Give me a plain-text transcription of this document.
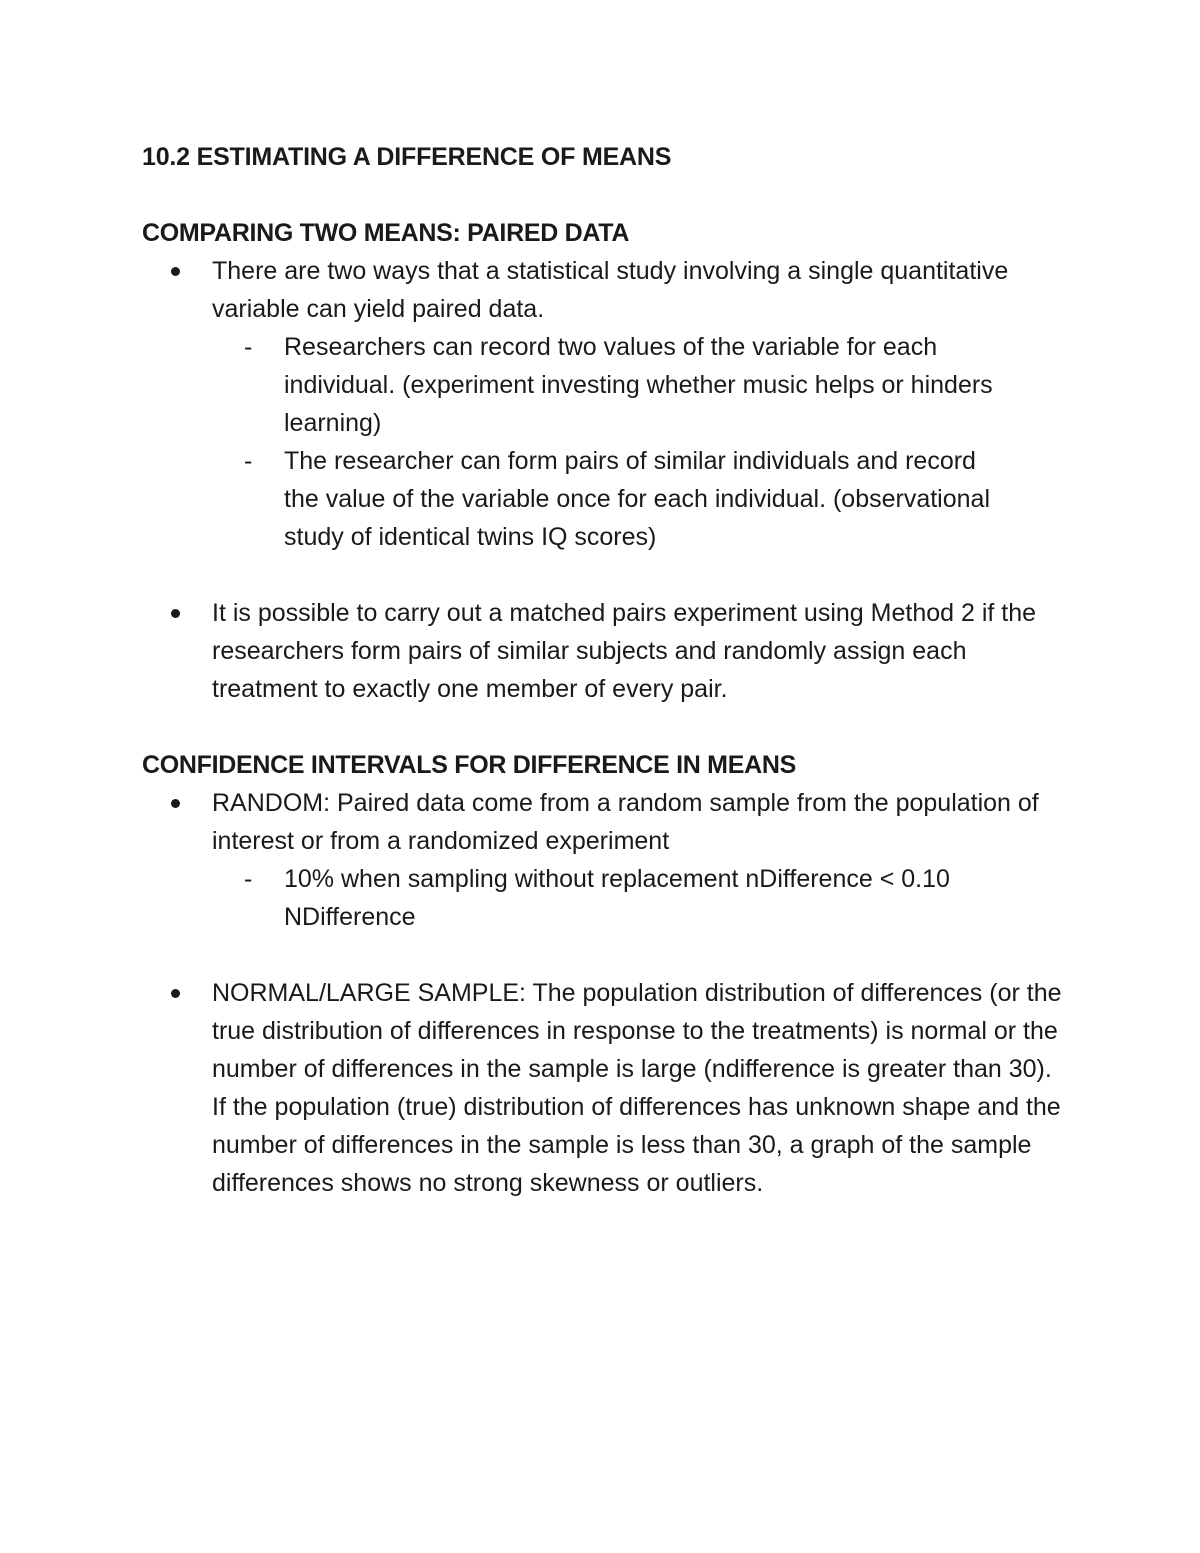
10.2 ESTIMATING A DIFFERENCE OF MEANS
COMPARING TWO MEANS: PAIRED DATA
There are two ways that a statistical study involving a single quantitative variable can yield paired data.
- Researchers can record two values of the variable for each individual. (experiment investing whether music helps or hinders learning)
- The researcher can form pairs of similar individuals and record the value of the variable once for each individual. (observational study of identical twins IQ scores)
It is possible to carry out a matched pairs experiment using Method 2 if the researchers form pairs of similar subjects and randomly assign each treatment to exactly one member of every pair.
CONFIDENCE INTERVALS FOR DIFFERENCE IN MEANS
RANDOM: Paired data come from a random sample from the population of interest or from a randomized experiment
- 10% when sampling without replacement nDifference < 0.10 NDifference
NORMAL/LARGE SAMPLE: The population distribution of differences (or the true distribution of differences in response to the treatments) is normal or the number of differences in the sample is large (ndifference is greater than 30). If the population (true) distribution of differences has unknown shape and the number of differences in the sample is less than 30, a graph of the sample differences shows no strong skewness or outliers.
